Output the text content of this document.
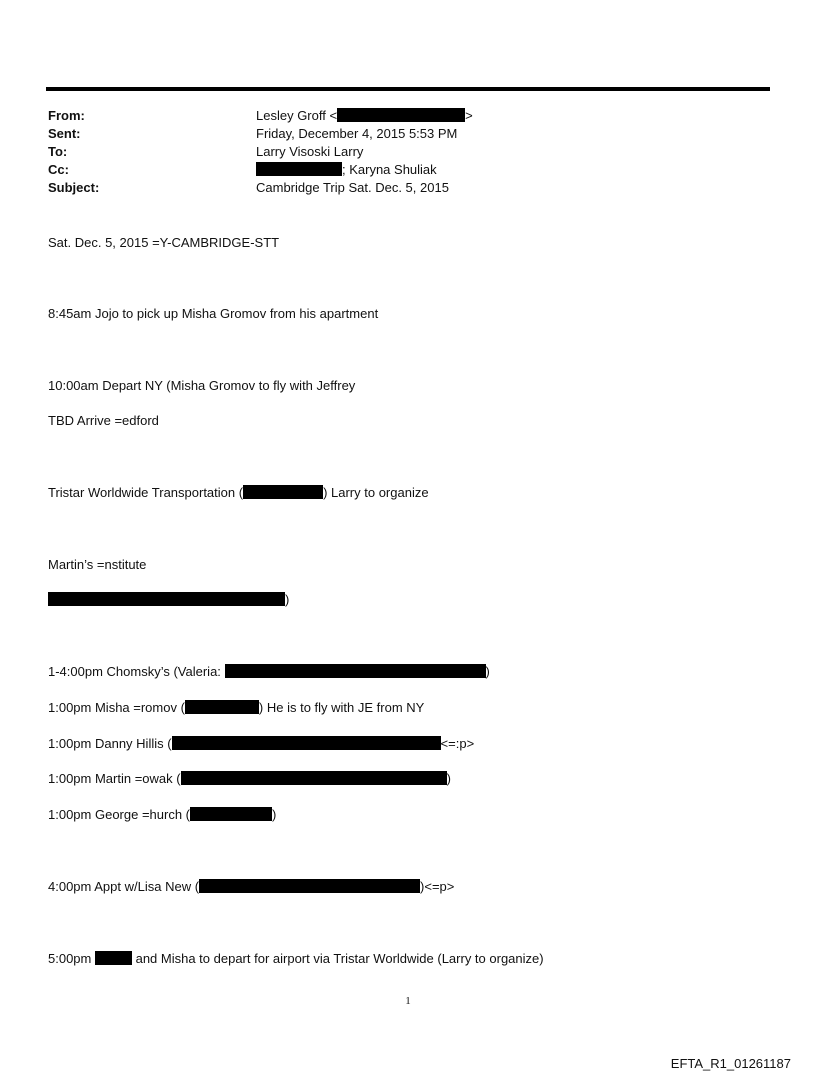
From:	Lesley Groff <	>
Sent:	Friday, December 4, 2015 5:53 PM
To:	Larry Visoski Larry
Cc:	; Karyna Shuliak
Subject:	Cambridge Trip Sat. Dec. 5, 2015
Sat. Dec. 5, 2015 =Y-CAMBRIDGE-STT
8:45am Jojo to pick up Misha Gromov from his apartment
10:00am Depart NY (Misha Gromov to fly with Jeffrey
TBD Arrive =edford
Tristar Worldwide Transportation (	) Larry to organize
Martin’s =nstitute
)
1-4:00pm Chomsky’s (Valeria:	)
1:00pm Misha =romov (	) He is to fly with JE from NY
1:00pm Danny Hillis (	<=:p>
1:00pm Martin =owak (	)
1:00pm George =hurch (	)
4:00pm Appt w/Lisa New (	)<=p>
5:00pm	and Misha to depart for airport via Tristar Worldwide (Larry to organize)
1
EFTA_R1_01261187
